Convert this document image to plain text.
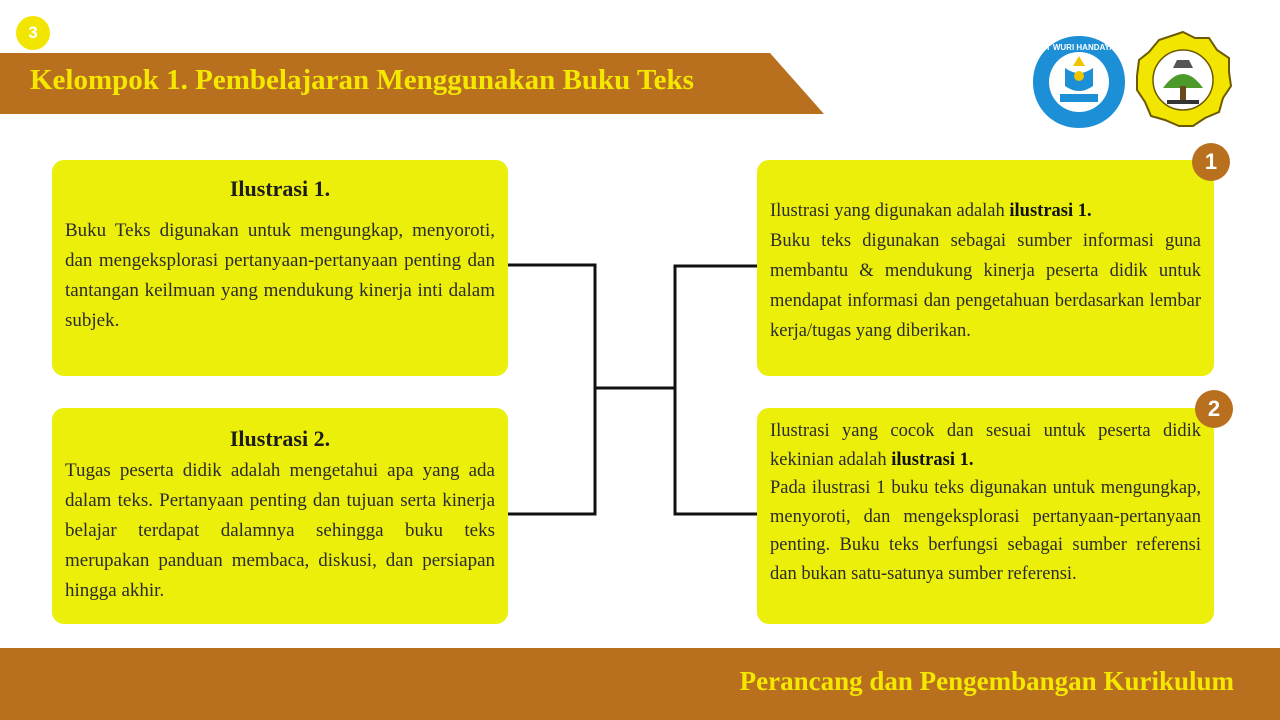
3
Kelompok 1. Pembelajaran Menggunakan Buku Teks
TUT WURI HANDAYANI
Ilustrasi 1.
Buku Teks digunakan untuk mengungkap, menyoroti, dan mengeksplorasi pertanyaan-pertanyaan penting dan tantangan keilmuan yang mendukung kinerja inti dalam subjek.
Ilustrasi 2.
Tugas peserta didik adalah mengetahui apa yang ada dalam teks. Pertanyaan penting dan tujuan serta kinerja belajar terdapat dalamnya sehingga buku teks merupakan panduan membaca, diskusi, dan persiapan hingga akhir.
Ilustrasi yang digunakan adalah ilustrasi 1.
Buku teks digunakan sebagai sumber informasi guna membantu & mendukung kinerja peserta didik untuk mendapat informasi dan pengetahuan berdasarkan lembar kerja/tugas yang diberikan.
1
Ilustrasi yang cocok dan sesuai untuk peserta didik kekinian adalah ilustrasi 1.
Pada ilustrasi 1 buku teks digunakan untuk mengungkap, menyoroti, dan mengeksplorasi pertanyaan-pertanyaan penting. Buku teks berfungsi sebagai sumber referensi dan bukan satu-satunya sumber referensi.
2
Perancang dan Pengembangan Kurikulum
